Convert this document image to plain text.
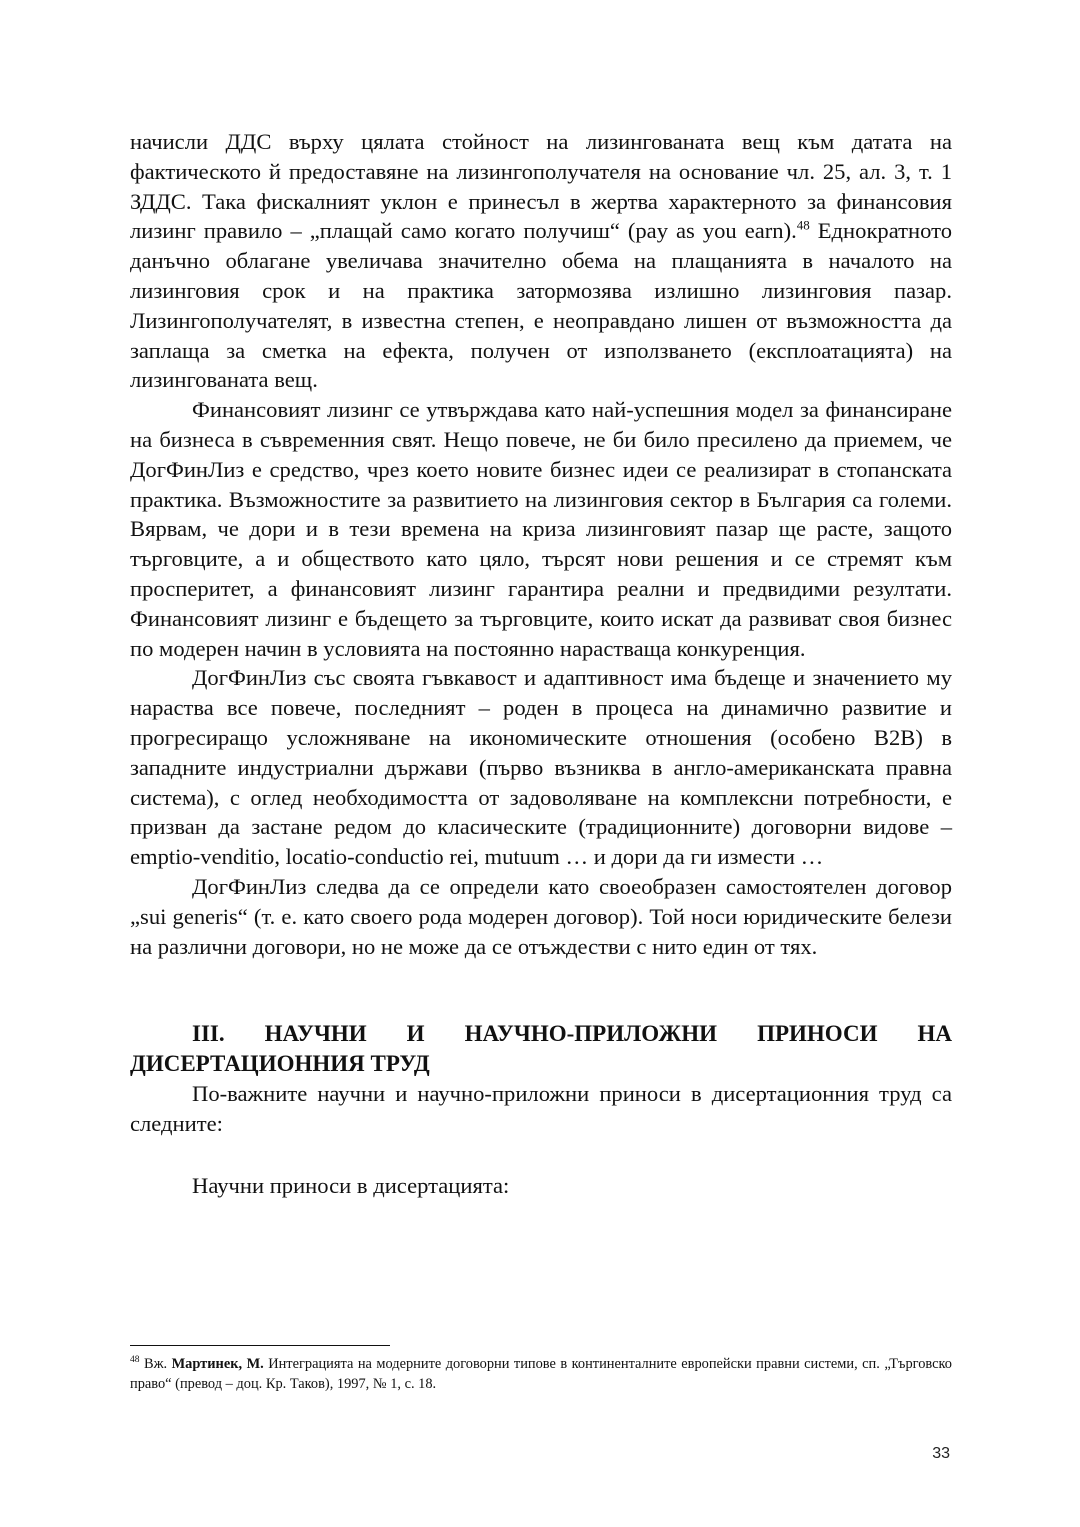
начисли ДДС върху цялата стойност на лизингованата вещ към датата на фактическото й предоставяне на лизингополучателя на основание чл. 25, ал. 3, т. 1 ЗДДС. Така фискалният уклон е принесъл в жертва характерното за финансовия лизинг правило – „плащай само когато получиш“ (pay as you earn).$^{48}$ Еднократното данъчно облагане увеличава значително обема на плащанията в началото на лизинговия срок и на практика затормозява излишно лизинговия пазар. Лизингополучателят, в известна степен, е неоправдано лишен от възможността да заплаща за сметка на ефекта, получен от използването (експлоатацията) на лизингованата вещ.

Финансовият лизинг се утвърждава като най-успешния модел за финансиране на бизнеса в съвременния свят. Нещо повече, не би било пресилено да приемем, че ДогФинЛиз е средство, чрез което новите бизнес идеи се реализират в стопанската практика. Възможностите за развитието на лизинговия сектор в България са големи. Вярвам, че дори и в тези времена на криза лизинговият пазар ще расте, защото търговците, а и обществото като цяло, търсят нови решения и се стремят към просперитет, а финансовият лизинг гарантира реални и предвидими резултати. Финансовият лизинг е бъдещето за търговците, които искат да развиват своя бизнес по модерен начин в условията на постоянно нарастваща конкуренция.

ДогФинЛиз със своята гъвкавост и адаптивност има бъдеще и значението му нараства все повече, последният – роден в процеса на динамично развитие и прогресиращо усложняване на икономическите отношения (особено B2B) в западните индустриални държави (първо възниква в англо-американската правна система), с оглед необходимостта от задоволяване на комплексни потребности, е призван да застане редом до класическите (традиционните) договорни видове – emptio-venditio, locatio-conductio rei, mutuum … и дори да ги измести …

ДогФинЛиз следва да се определи като своеобразен самостоятелен договор „sui generis“ (т. е. като своего рода модерен договор). Той носи юридическите белези на различни договори, но не може да се отъждестви с нито един от тях.

III. НАУЧНИ И НАУЧНО-ПРИЛОЖНИ ПРИНОСИ НА ДИСЕРТАЦИОННИЯ ТРУД

По-важните научни и научно-приложни приноси в дисертационния труд са следните:

Научни приноси в дисертацията:

$^{48}$ Вж. Мартинек, М. Интеграцията на модерните договорни типове в континенталните европейски правни системи, сп. „Търговско право“ (превод – доц. Кр. Таков), 1997, № 1, с. 18.

33
